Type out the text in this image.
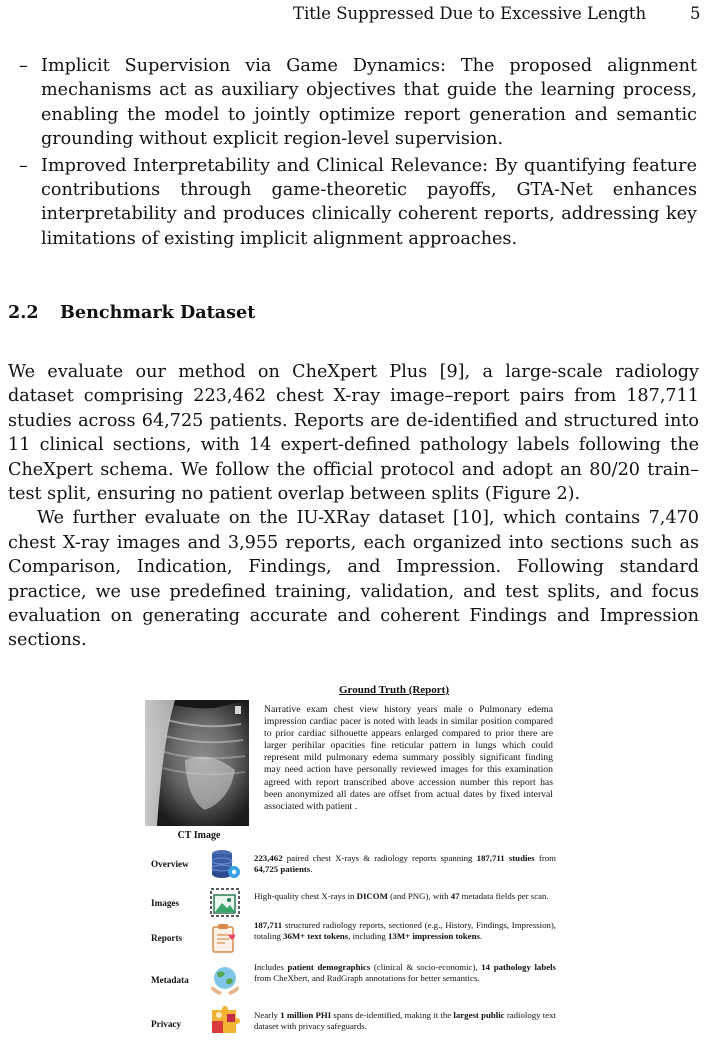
Title Suppressed Due to Excessive Length	5
– Implicit Supervision via Game Dynamics: The proposed alignment mechanisms act as auxiliary objectives that guide the learning process, enabling the model to jointly optimize report generation and semantic grounding without explicit region-level supervision.
– Improved Interpretability and Clinical Relevance: By quantifying feature contributions through game-theoretic payoffs, GTA-Net enhances interpretability and produces clinically coherent reports, addressing key limitations of existing implicit alignment approaches.
2.2 Benchmark Dataset

We evaluate our method on CheXpert Plus [9], a large-scale radiology dataset comprising 223,462 chest X-ray image–report pairs from 187,711 studies across 64,725 patients. Reports are de-identified and structured into 11 clinical sections, with 14 expert-defined pathology labels following the CheXpert schema. We follow the official protocol and adopt an 80/20 train–test split, ensuring no patient overlap between splits (Figure 2).

We further evaluate on the IU-XRay dataset [10], which contains 7,470 chest X-ray images and 3,955 reports, each organized into sections such as Comparison, Indication, Findings, and Impression. Following standard practice, we use predefined training, validation, and test splits, and focus evaluation on generating accurate and coherent Findings and Impression sections.

CT Image
Ground Truth (Report)
Narrative exam chest view history years male o Pulmonary edema impression cardiac pacer is noted with leads in similar position compared to prior cardiac silhouette appears enlarged compared to prior there are larger perihilar opacities fine reticular pattern in lungs which could represent mild pulmonary edema summary possibly significant finding may need action have personally reviewed images for this examination agreed with report transcribed above accession number this report has been anonymized all dates are offset from actual dates by fixed interval associated with patient .
Overview
223,462 paired chest X-rays & radiology reports spanning 187,711 studies from 64,725 patients.
Images
High-quality chest X-rays in DICOM (and PNG), with 47 metadata fields per scan.
Reports
187,711 structured radiology reports, sectioned (e.g., History, Findings, Impression), totaling 36M+ text tokens, including 13M+ impression tokens.
Metadata
Includes patient demographics (clinical & socio-economic), 14 pathology labels from CheXbert, and RadGraph annotations for better semantics.
Privacy
Nearly 1 million PHI spans de-identified, making it the largest public radiology text dataset with privacy safeguards.
